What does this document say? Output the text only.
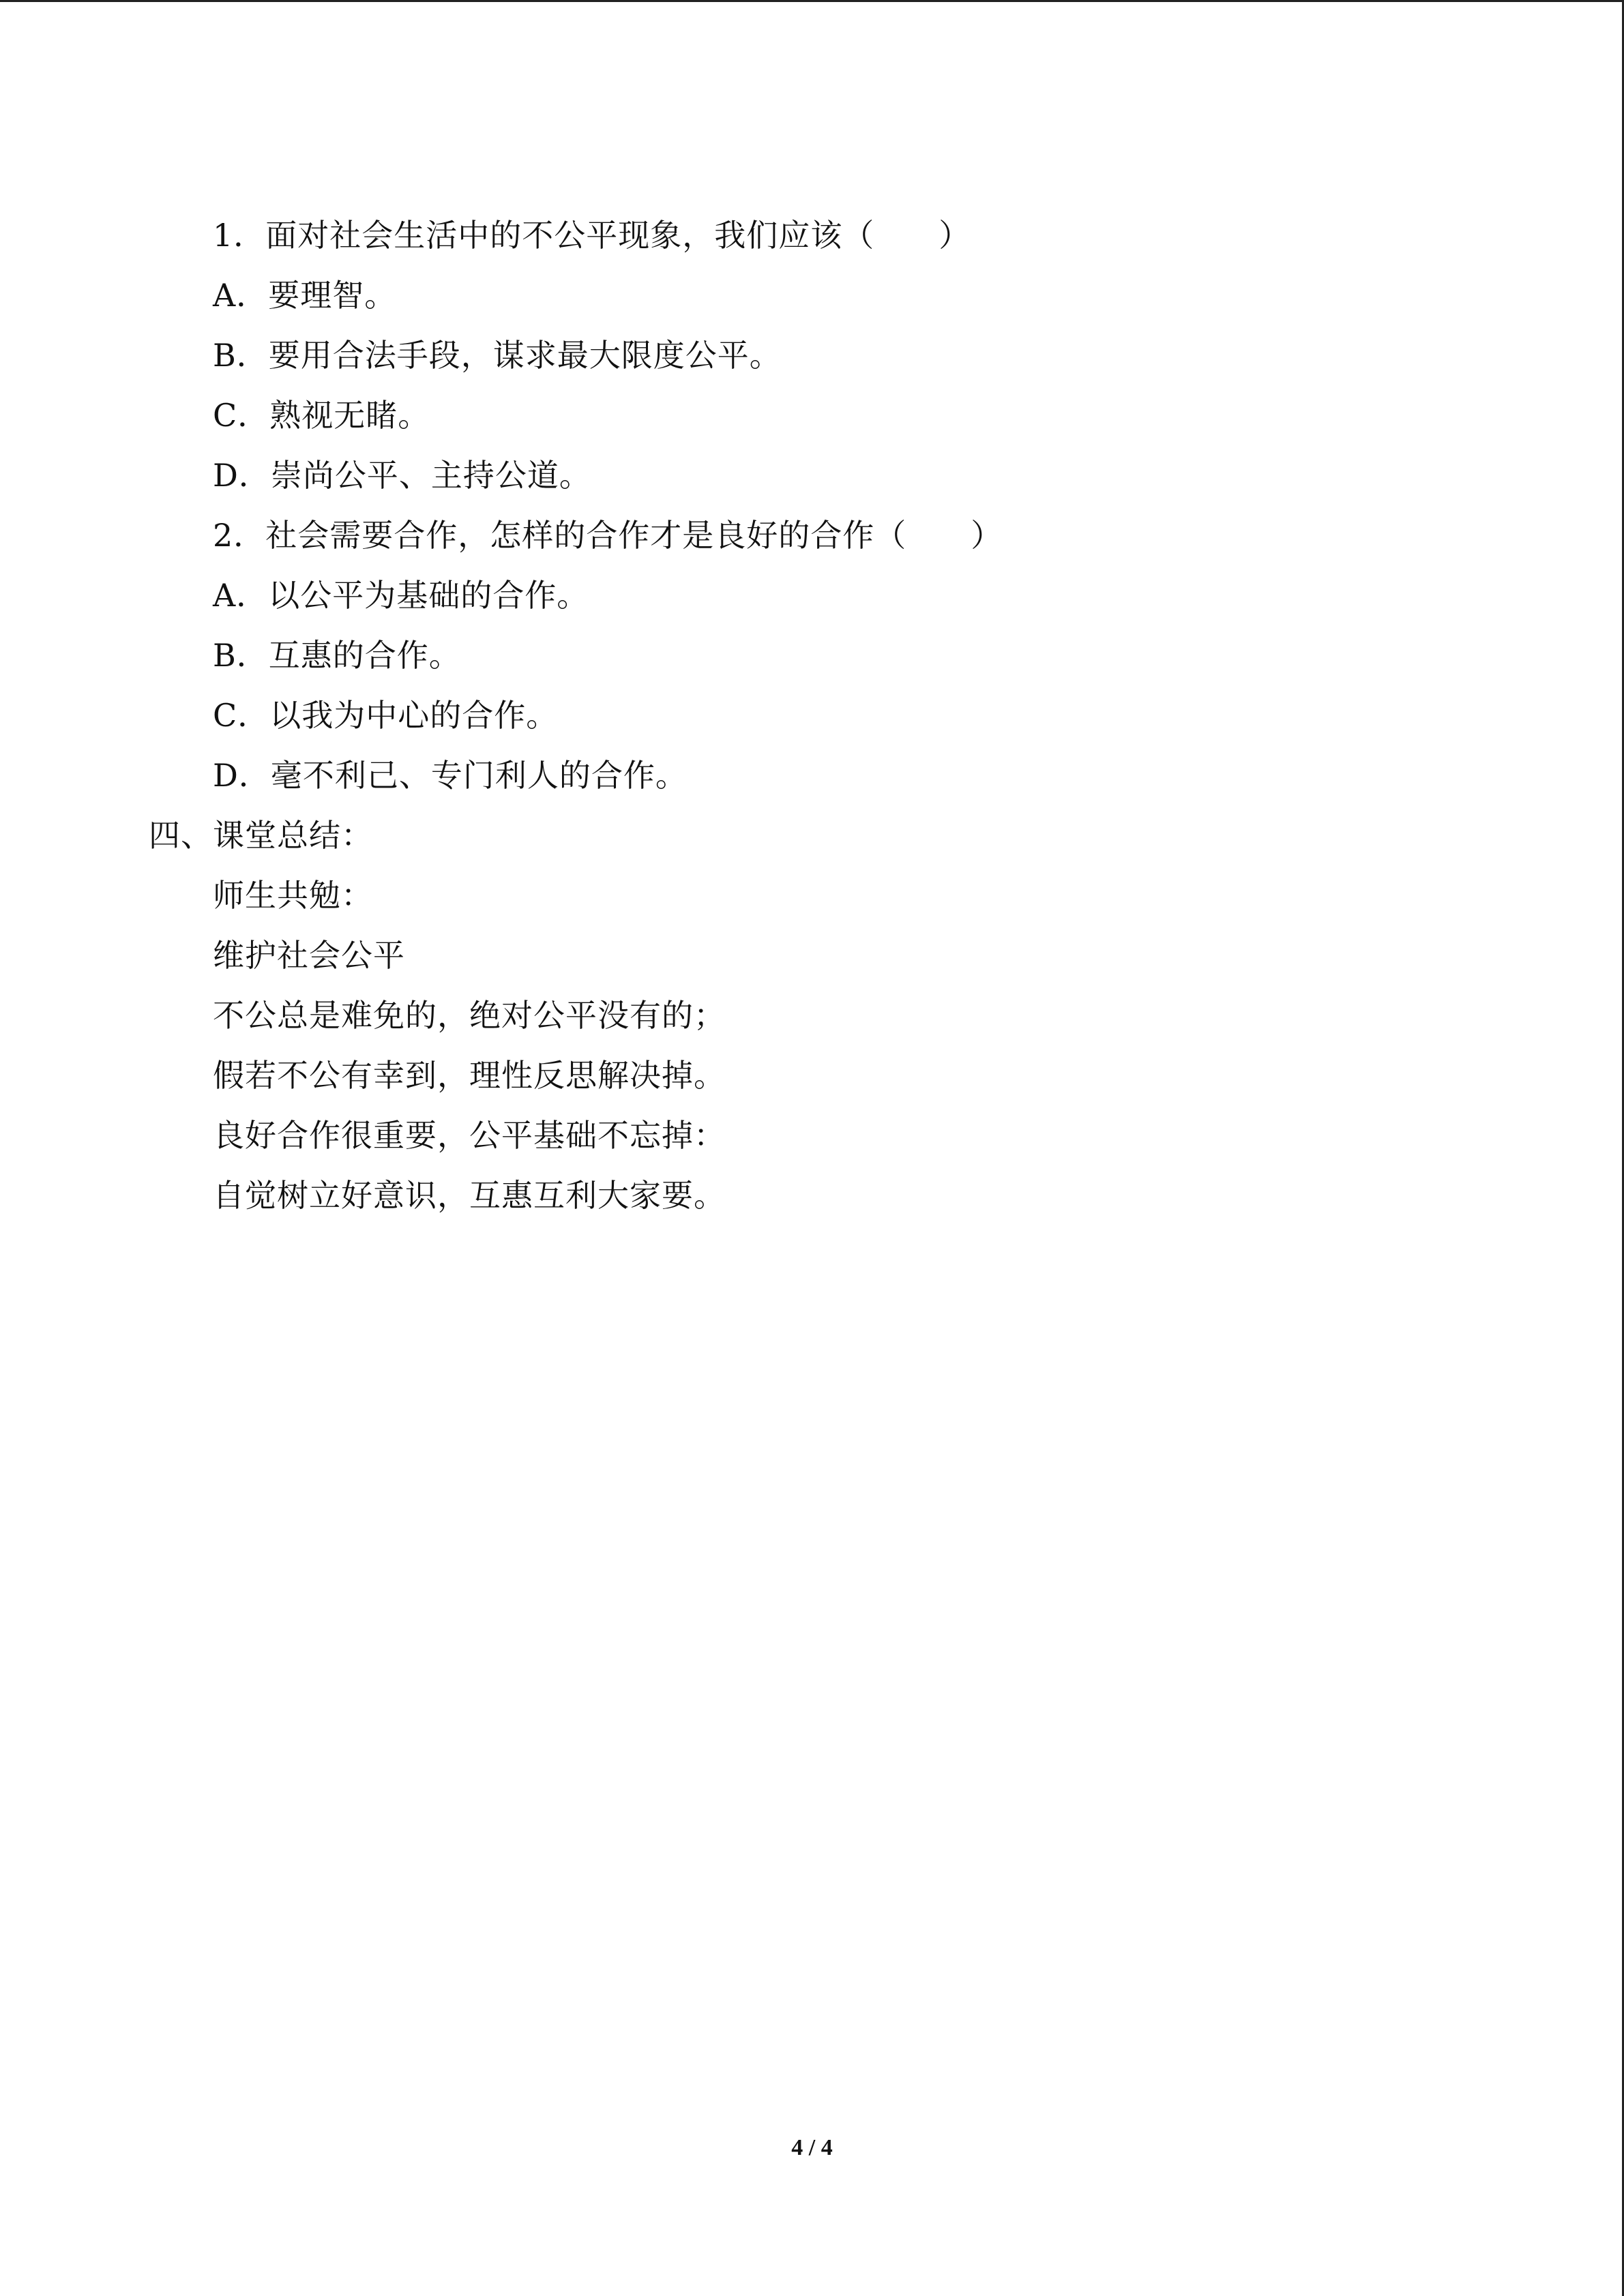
1．面对社会生活中的不公平现象，我们应该（　　）
A．要理智。
B．要用合法手段，谋求最大限度公平。
C．熟视无睹。
D．崇尚公平、主持公道。
2．社会需要合作，怎样的合作才是良好的合作（　　）
A．以公平为基础的合作。
B．互惠的合作。
C．以我为中心的合作。
D．毫不利己、专门利人的合作。
四、课堂总结：
师生共勉：
维护社会公平
不公总是难免的，绝对公平没有的；
假若不公有幸到，理性反思解决掉。
良好合作很重要，公平基础不忘掉：
自觉树立好意识，互惠互利大家要。
4 / 4
